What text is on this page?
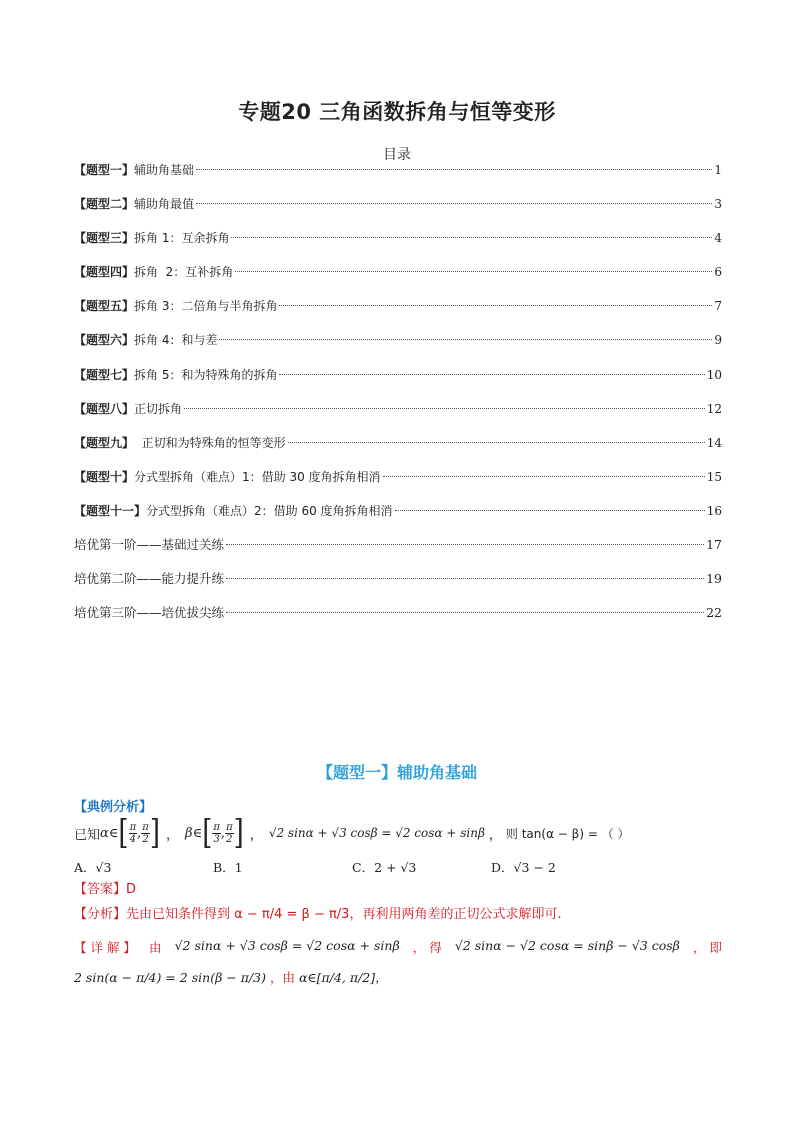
专题20 三角函数拆角与恒等变形
目录
【题型一】 辅助角基础	1
【题型二】 辅助角最值	3
【题型三】 拆角 1：互余拆角	4
【题型四】 拆角  2：互补拆角	6
【题型五】 拆角 3：二倍角与半角拆角	7
【题型六】 拆角 4：和与差	9
【题型七】 拆角 5：和为特殊角的拆角	10
【题型八】 正切拆角	12
【题型九】 正切和为特殊角的恒等变形	14
【题型十】 分式型拆角（难点）1：借助 30 度角拆角相消	15
【题型十一】 分式型拆角（难点）2：借助 60 度角拆角相消	16
培优第一阶——基础过关练	17
培优第二阶——能力提升练	19
培优第三阶——培优拔尖练	22
【题型一】辅助角基础
【典例分析】
已知 α∈ [ $\frac{\pi}{4}$ , $\frac{\pi}{2}$ ] ， β∈ [ $\frac{\pi}{3}$ , $\frac{\pi}{2}$ ] ， √2 sinα + √3 cosβ = √2 cosα + sinβ ， 则 tan(α − β) = （ ）
A．√3	B．1	C．2 + √3	D．√3 − 2
【答案】D
【分析】先由已知条件得到 α − π/4 = β − π/3，再利用两角差的正切公式求解即可.
【 详 解 】 由 √2 sinα + √3 cosβ = √2 cosα + sinβ ， 得 √2 sinα − √2 cosα = sinβ − √3 cosβ ， 即
2 sin(α − π/4) = 2 sin(β − π/3) ，由 α∈[π/4, π/2]，
